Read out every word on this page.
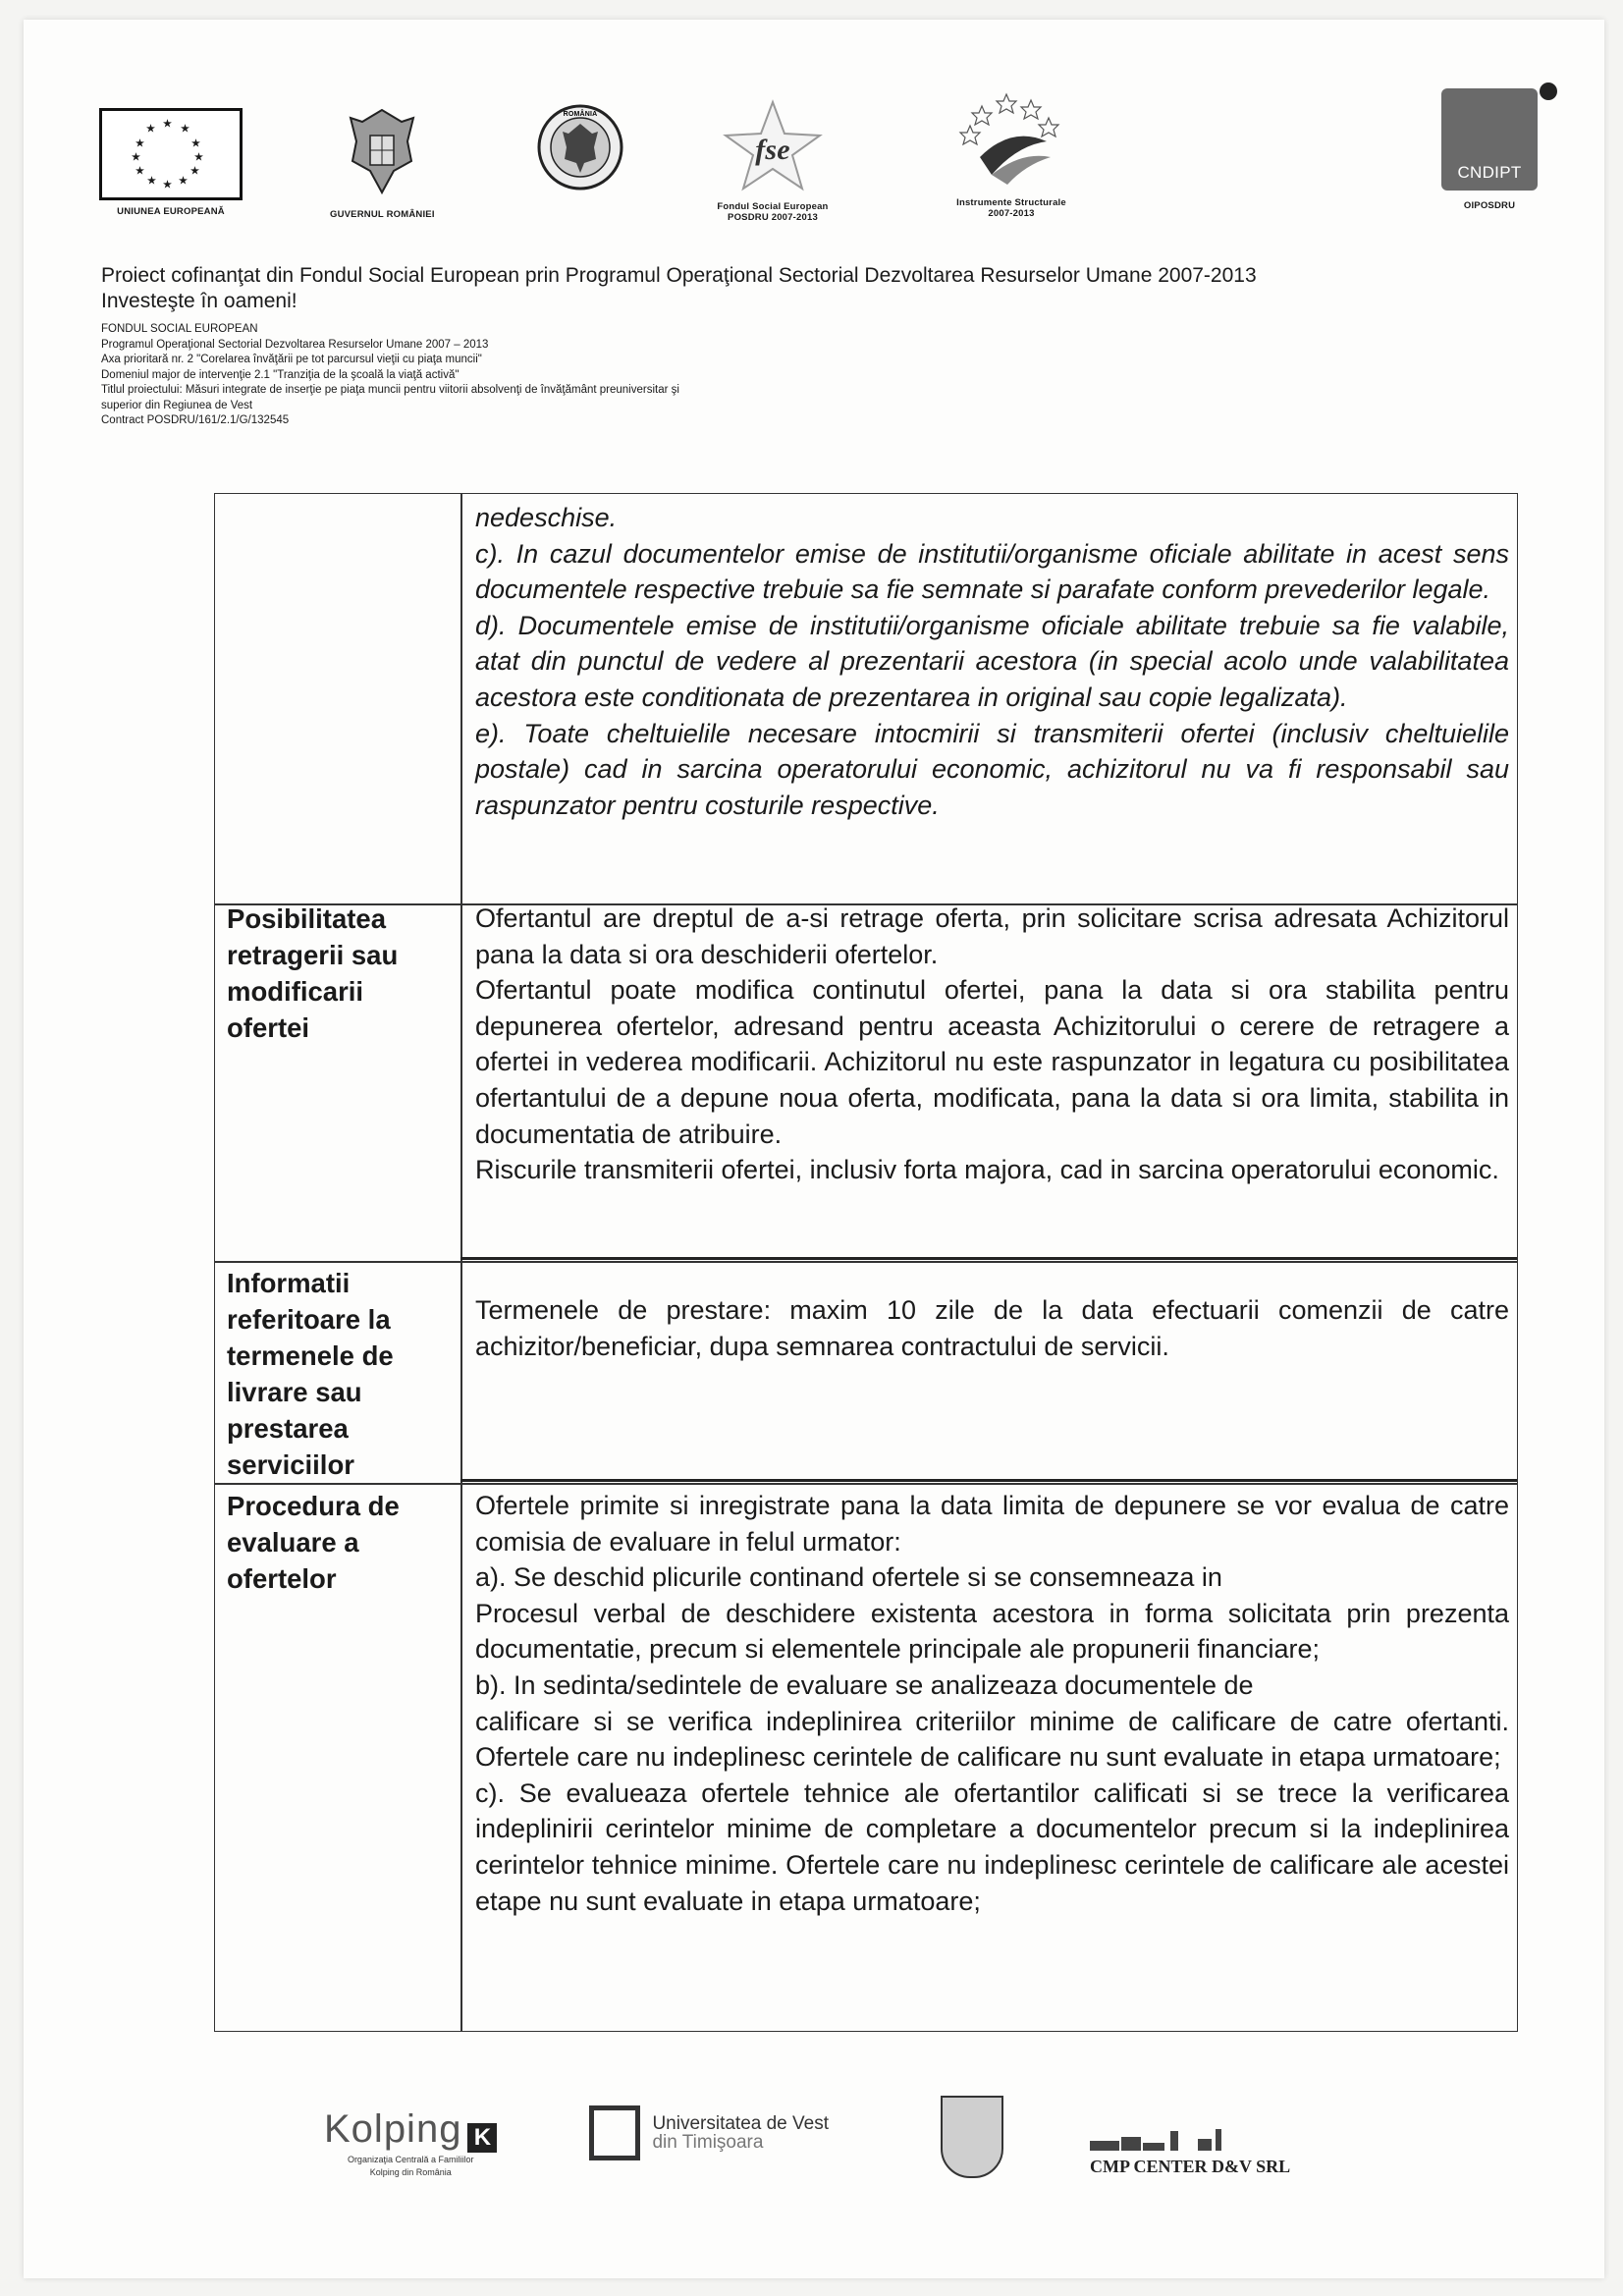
★ ★
★
★
★
★
★
★
★
★
★
★
UNIUNEA EUROPEANĂ	GUVERNUL ROMÂNIEI
ROMÂNIA
fse
Fondul Social European
POSDRU 2007-2013
Instrumente Structurale
2007-2013
CNDIPT
OIPOSDRU
Proiect cofinanţat din Fondul Social European prin Programul Operaţional Sectorial Dezvoltarea Resurselor Umane 2007-2013
Investeşte în oameni!
FONDUL SOCIAL EUROPEAN
Programul Operaţional Sectorial Dezvoltarea Resurselor Umane 2007 – 2013
Axa prioritară nr. 2 "Corelarea învăţării pe tot parcursul vieţii cu piaţa muncii"
Domeniul major de intervenţie 2.1 "Tranziţia de la şcoală la viaţă activă"
Titlul proiectului: Măsuri integrate de inserţie pe piaţa muncii pentru viitorii absolvenţi de învăţământ preuniversitar şi
superior din Regiunea de Vest
Contract POSDRU/161/2.1/G/132545

nedeschise.

c). In cazul documentelor emise de institutii/organisme oficiale abilitate in acest sens documentele respective trebuie sa fie semnate si parafate conform prevederilor legale.

d). Documentele emise de institutii/organisme oficiale abilitate trebuie sa fie valabile, atat din punctul de vedere al prezentarii acestora (in special acolo unde valabilitatea acestora este conditionata de prezentarea in original sau copie legalizata).

e). Toate cheltuielile necesare intocmirii si transmiterii ofertei (inclusiv cheltuielile postale) cad in sarcina operatorului economic, achizitorul nu va fi responsabil sau raspunzator pentru costurile respective.

Posibilitatea retragerii sau modificarii ofertei

Ofertantul are dreptul de a-si retrage oferta, prin solicitare scrisa adresata Achizitorul pana la data si ora deschiderii ofertelor.

Ofertantul poate modifica continutul ofertei, pana la data si ora stabilita pentru depunerea ofertelor, adresand pentru aceasta Achizitorului o cerere de retragere a ofertei in vederea modificarii. Achizitorul nu este raspunzator in legatura cu posibilitatea ofertantului de a depune noua oferta, modificata, pana la data si ora limita, stabilita in documentatia de atribuire.

Riscurile transmiterii ofertei, inclusiv forta majora, cad in sarcina operatorului economic.

Informatii referitoare la termenele de livrare sau prestarea serviciilor
Termenele de prestare: maxim 10 zile de la data efectuarii comenzii de catre achizitor/beneficiar, dupa semnarea contractului de servicii.
Procedura de evaluare a ofertelor

Ofertele primite si inregistrate pana la data limita de depunere se vor evalua de catre comisia de evaluare in felul urmator:

a). Se deschid plicurile continand ofertele si se consemneaza in

Procesul verbal de deschidere existenta acestora in forma solicitata prin prezenta documentatie, precum si elementele principale ale propunerii financiare;

b). In sedinta/sedintele de evaluare se analizeaza documentele de

calificare si se verifica indeplinirea criteriilor minime de calificare de catre ofertanti. Ofertele care nu indeplinesc cerintele de calificare nu sunt evaluate in etapa urmatoare;

c). Se evalueaza ofertele tehnice ale ofertantilor calificati si se trece la verificarea indeplinirii cerintelor minime de completare a documentelor precum si la indeplinirea cerintelor tehnice minime. Ofertele care nu indeplinesc cerintele de calificare ale acestei etape nu sunt evaluate in etapa urmatoare;

Kolping K
Organizaţia Centrală a Familiilor
Kolping din România
Universitatea de Vest
din Timişoara
CMP CENTER D&V SRL
